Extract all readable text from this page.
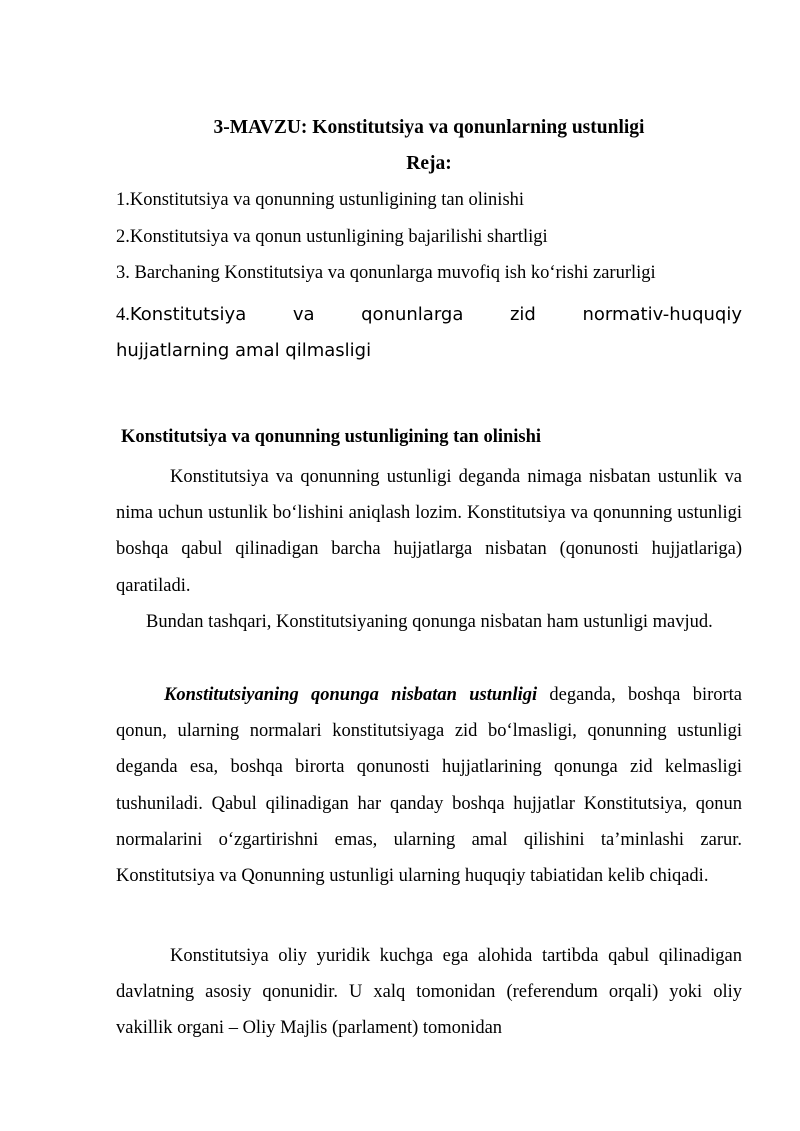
3-MAVZU: Konstitutsiya va qonunlarning ustunligi
Reja:
1.Konstitutsiya va qonunning ustunligining tan olinishi
2.Konstitutsiya va qonun ustunligining bajarilishi shartligi
3. Barchaning Konstitutsiya va qonunlarga muvofiq ish ko‘rishi zarurligi
4.Konstitutsiya va qonunlarga zid normativ-huquqiy
hujjatlarning amal qilmasligi
Konstitutsiya va qonunning ustunligining tan olinishi
Konstitutsiya va qonunning ustunligi deganda nimaga nisbatan ustunlik va nima uchun ustunlik bo‘lishini aniqlash lozim. Konstitutsiya va qonunning ustunligi boshqa qabul qilinadigan barcha hujjatlarga nisbatan (qonunosti hujjatlariga) qaratiladi.
Bundan tashqari, Konstitutsiyaning qonunga nisbatan ham ustunligi mavjud.
Konstitutsiyaning qonunga nisbatan ustunligi deganda, boshqa birorta qonun, ularning normalari konstitutsiyaga zid bo‘lmasligi, qonunning ustunligi deganda esa, boshqa birorta qonunosti hujjatlarining qonunga zid kelmasligi tushuniladi. Qabul qilinadigan har qanday boshqa hujjatlar Konstitutsiya, qonun normalarini o‘zgartirishni emas, ularning amal qilishini ta’minlashi zarur. Konstitutsiya va Qonunning ustunligi ularning huquqiy tabiatidan kelib chiqadi.
Konstitutsiya oliy yuridik kuchga ega alohida tartibda qabul qilinadigan davlatning asosiy qonunidir. U xalq tomonidan (referendum orqali) yoki oliy vakillik organi – Oliy Majlis (parlament) tomonidan
